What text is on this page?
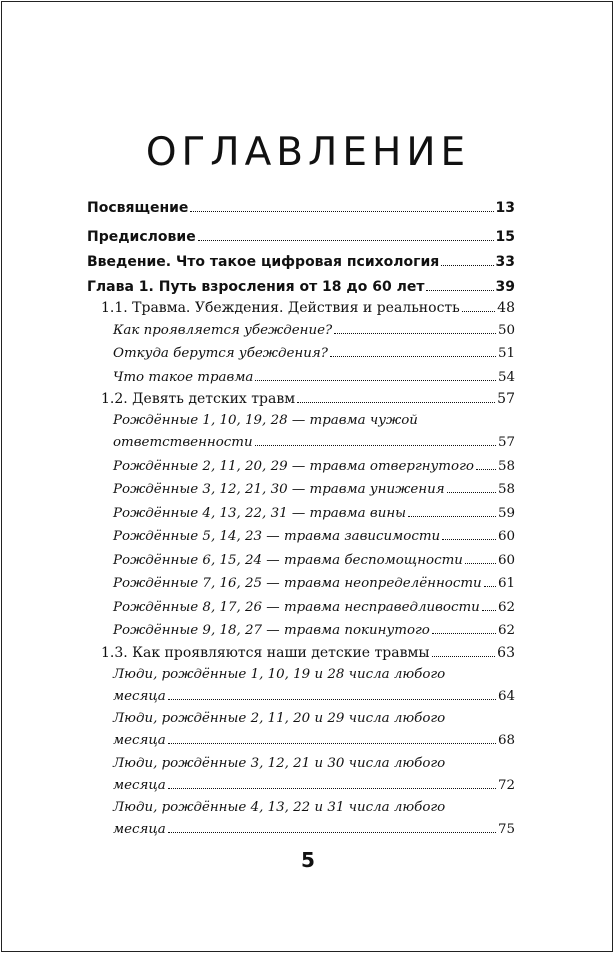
ОГЛАВЛЕНИЕ
Посвящение	13
Предисловие	15
Введение. Что такое цифровая психология	33
Глава 1. Путь взросления от 18 до 60 лет	39
1.1. Травма. Убеждения. Действия и реальность	48
Как проявляется убеждение?	50
Откуда берутся убеждения?	51
Что такое травма	54
1.2. Девять детских травм	57
Рождённые 1, 10, 19, 28 — травма чужой
ответственности	57
Рождённые 2, 11, 20, 29 — травма отвергнутого 58
Рождённые 3, 12, 21, 30 — травма унижения	58
Рождённые 4, 13, 22, 31 — травма вины	59
Рождённые 5, 14, 23 — травма зависимости	60
Рождённые 6, 15, 24 — травма беспомощности	60
Рождённые 7, 16, 25 — травма неопределённости 61
Рождённые 8, 17, 26 — травма несправедливости 62
Рождённые 9, 18, 27 — травма покинутого	62
1.3. Как проявляются наши детские травмы	63
Люди, рождённые 1, 10, 19 и 28 числа любого
месяца	64
Люди, рождённые 2, 11, 20 и 29 числа любого
месяца	68
Люди, рождённые 3, 12, 21 и 30 числа любого
месяца	72
Люди, рождённые 4, 13, 22 и 31 числа любого
месяца	75
5
